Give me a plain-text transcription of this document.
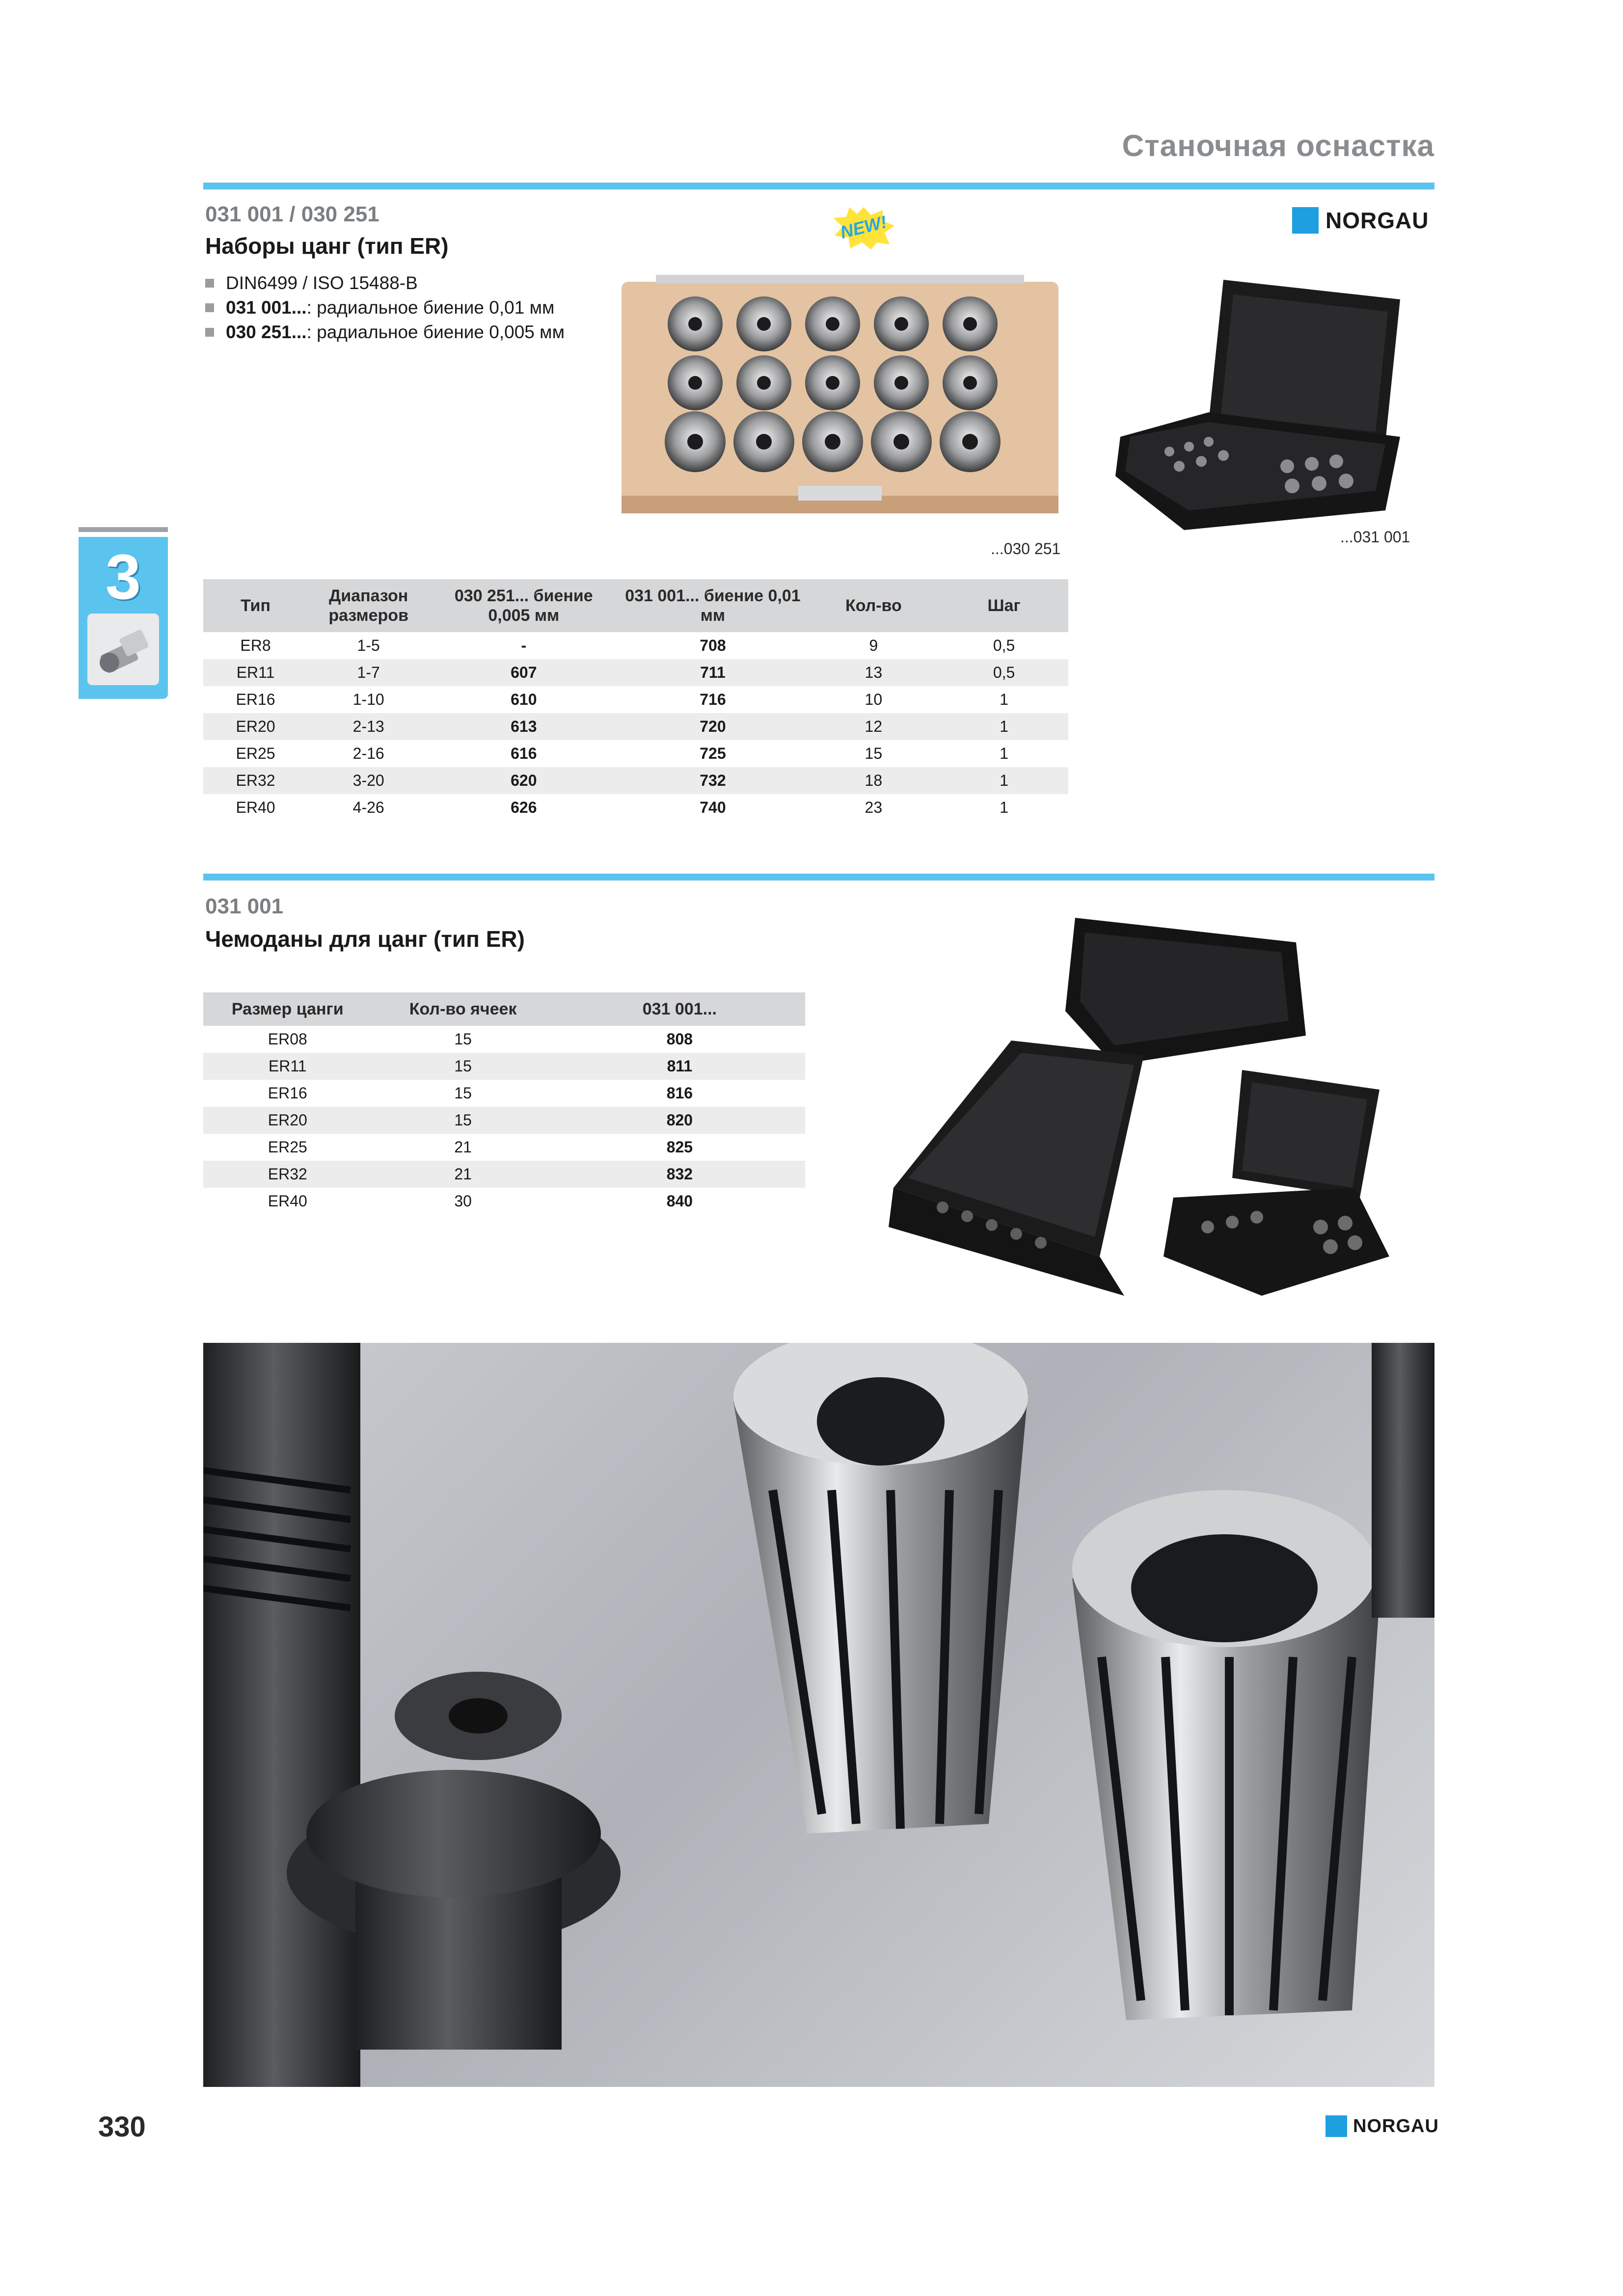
Станочная оснастка
031 001 / 030 251
Наборы цанг (тип ER)
NORGAU
NEW!
DIN6499 / ISO 15488-B
031 001... : радиальное биение 0,01 мм
030 251... : радиальное биение 0,005 мм
...030 251
...031 001
3	Тип	Диапазон размеров	030 251... биение 0,005 мм	031 001... биение 0,01 мм	Кол-во	Шаг
ER8	1-5	-	708	9	0,5
ER11	1-7	607	711	13	0,5
ER16	1-10	610	716	10	1
ER20	2-13	613	720	12	1
ER25	2-16	616	725	15	1
ER32	3-20	620	732	18	1
ER40	4-26	626	740	23	1
031 001
Чемоданы для цанг (тип ER)
Размер цанги	Кол-во ячеек	031 001...
ER08	15	808
ER11	15	811
ER16	15	816
ER20	15	820
ER25	21	825
ER32	21	832
ER40	30	840
330	NORGAU
